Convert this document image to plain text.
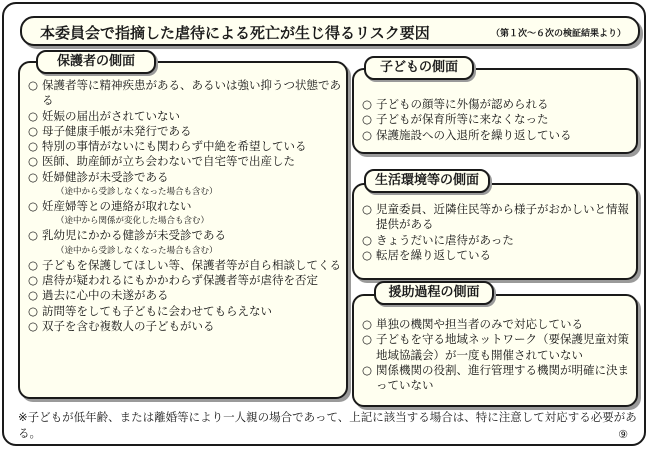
本委員会で指摘した虐待による死亡が生じ得るリスク要因	（第１次～６次の検証結果より）
保護者の側面
○ 保護者等に精神疾患がある、あるいは強い抑うつ状態である
○ 妊娠の届出がされていない
○ 母子健康手帳が未発行である
○ 特別の事情がないにも関わらず中絶を希望している
○ 医師、助産師が立ち会わないで自宅等で出産した
○ 妊婦健診が未受診である
（途中から受診しなくなった場合も含む）
○ 妊産婦等との連絡が取れない
（途中から関係が変化した場合も含む）
○ 乳幼児にかかる健診が未受診である
（途中から受診しなくなった場合も含む）
○ 子どもを保護してほしい等、保護者等が自ら相談してくる
○ 虐待が疑われるにもかかわらず保護者等が虐待を否定
○ 過去に心中の未遂がある
○ 訪問等をしても子どもに会わせてもらえない
○ 双子を含む複数人の子どもがいる
子どもの側面
○ 子どもの顔等に外傷が認められる
○ 子どもが保育所等に来なくなった
○ 保護施設への入退所を繰り返している
生活環境等の側面
○ 児童委員、近隣住民等から様子がおかしいと情報提供がある
○ きょうだいに虐待があった
○ 転居を繰り返している
援助過程の側面
○ 単独の機関や担当者のみで対応している
○ 子どもを守る地域ネットワーク（要保護児童対策地域協議会）が一度も開催されていない
○ 関係機関の役割、進行管理する機関が明確に決まっていない
※子どもが低年齢、または離婚等により一人親の場合であって、上記に該当する場合は、特に注意して対応する必要がある。	⑨
